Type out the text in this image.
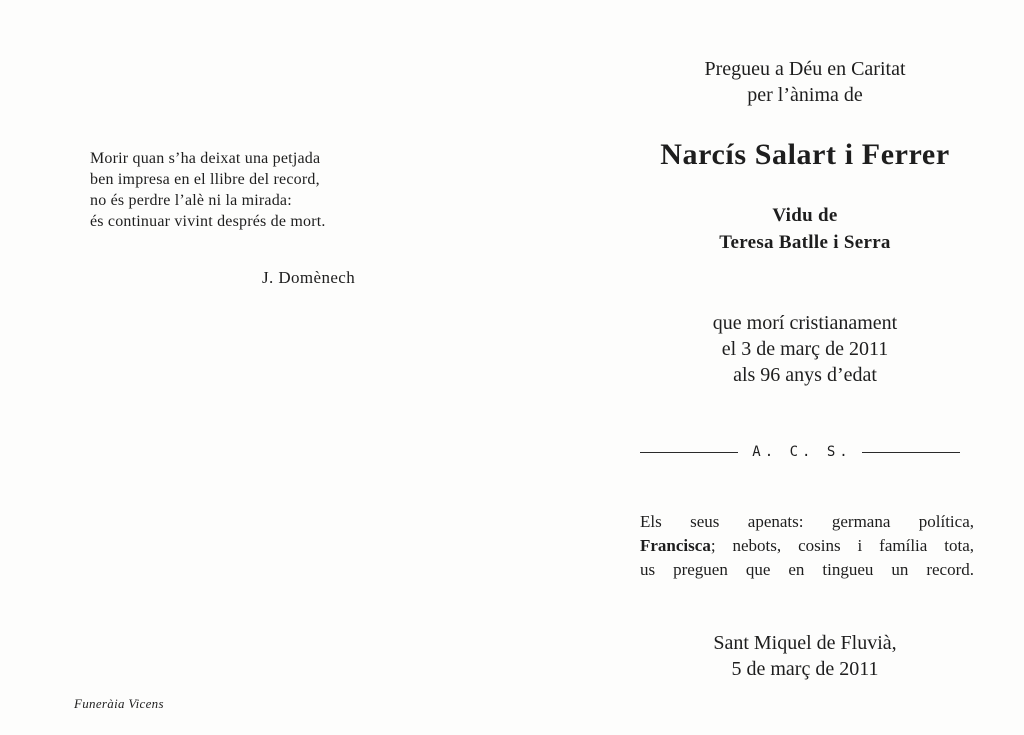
Morir quan s’ha deixat una petjada
ben impresa en el llibre del record,
no és perdre l’alè ni la mirada:
és continuar vivint després de mort.
J. Domènech
Funeràia Vicens
Pregueu a Déu en Caritat
per l’ànima de
Narcís Salart i Ferrer
Vidu de
Teresa Batlle i Serra
que morí cristianament
el 3 de març de 2011
als 96 anys d’edat
A. C. S.
Els seus apenats: germana política,
Francisca; nebots, cosins i família tota,
us preguen que en tingueu un record.
Sant Miquel de Fluvià,
5 de març de 2011
